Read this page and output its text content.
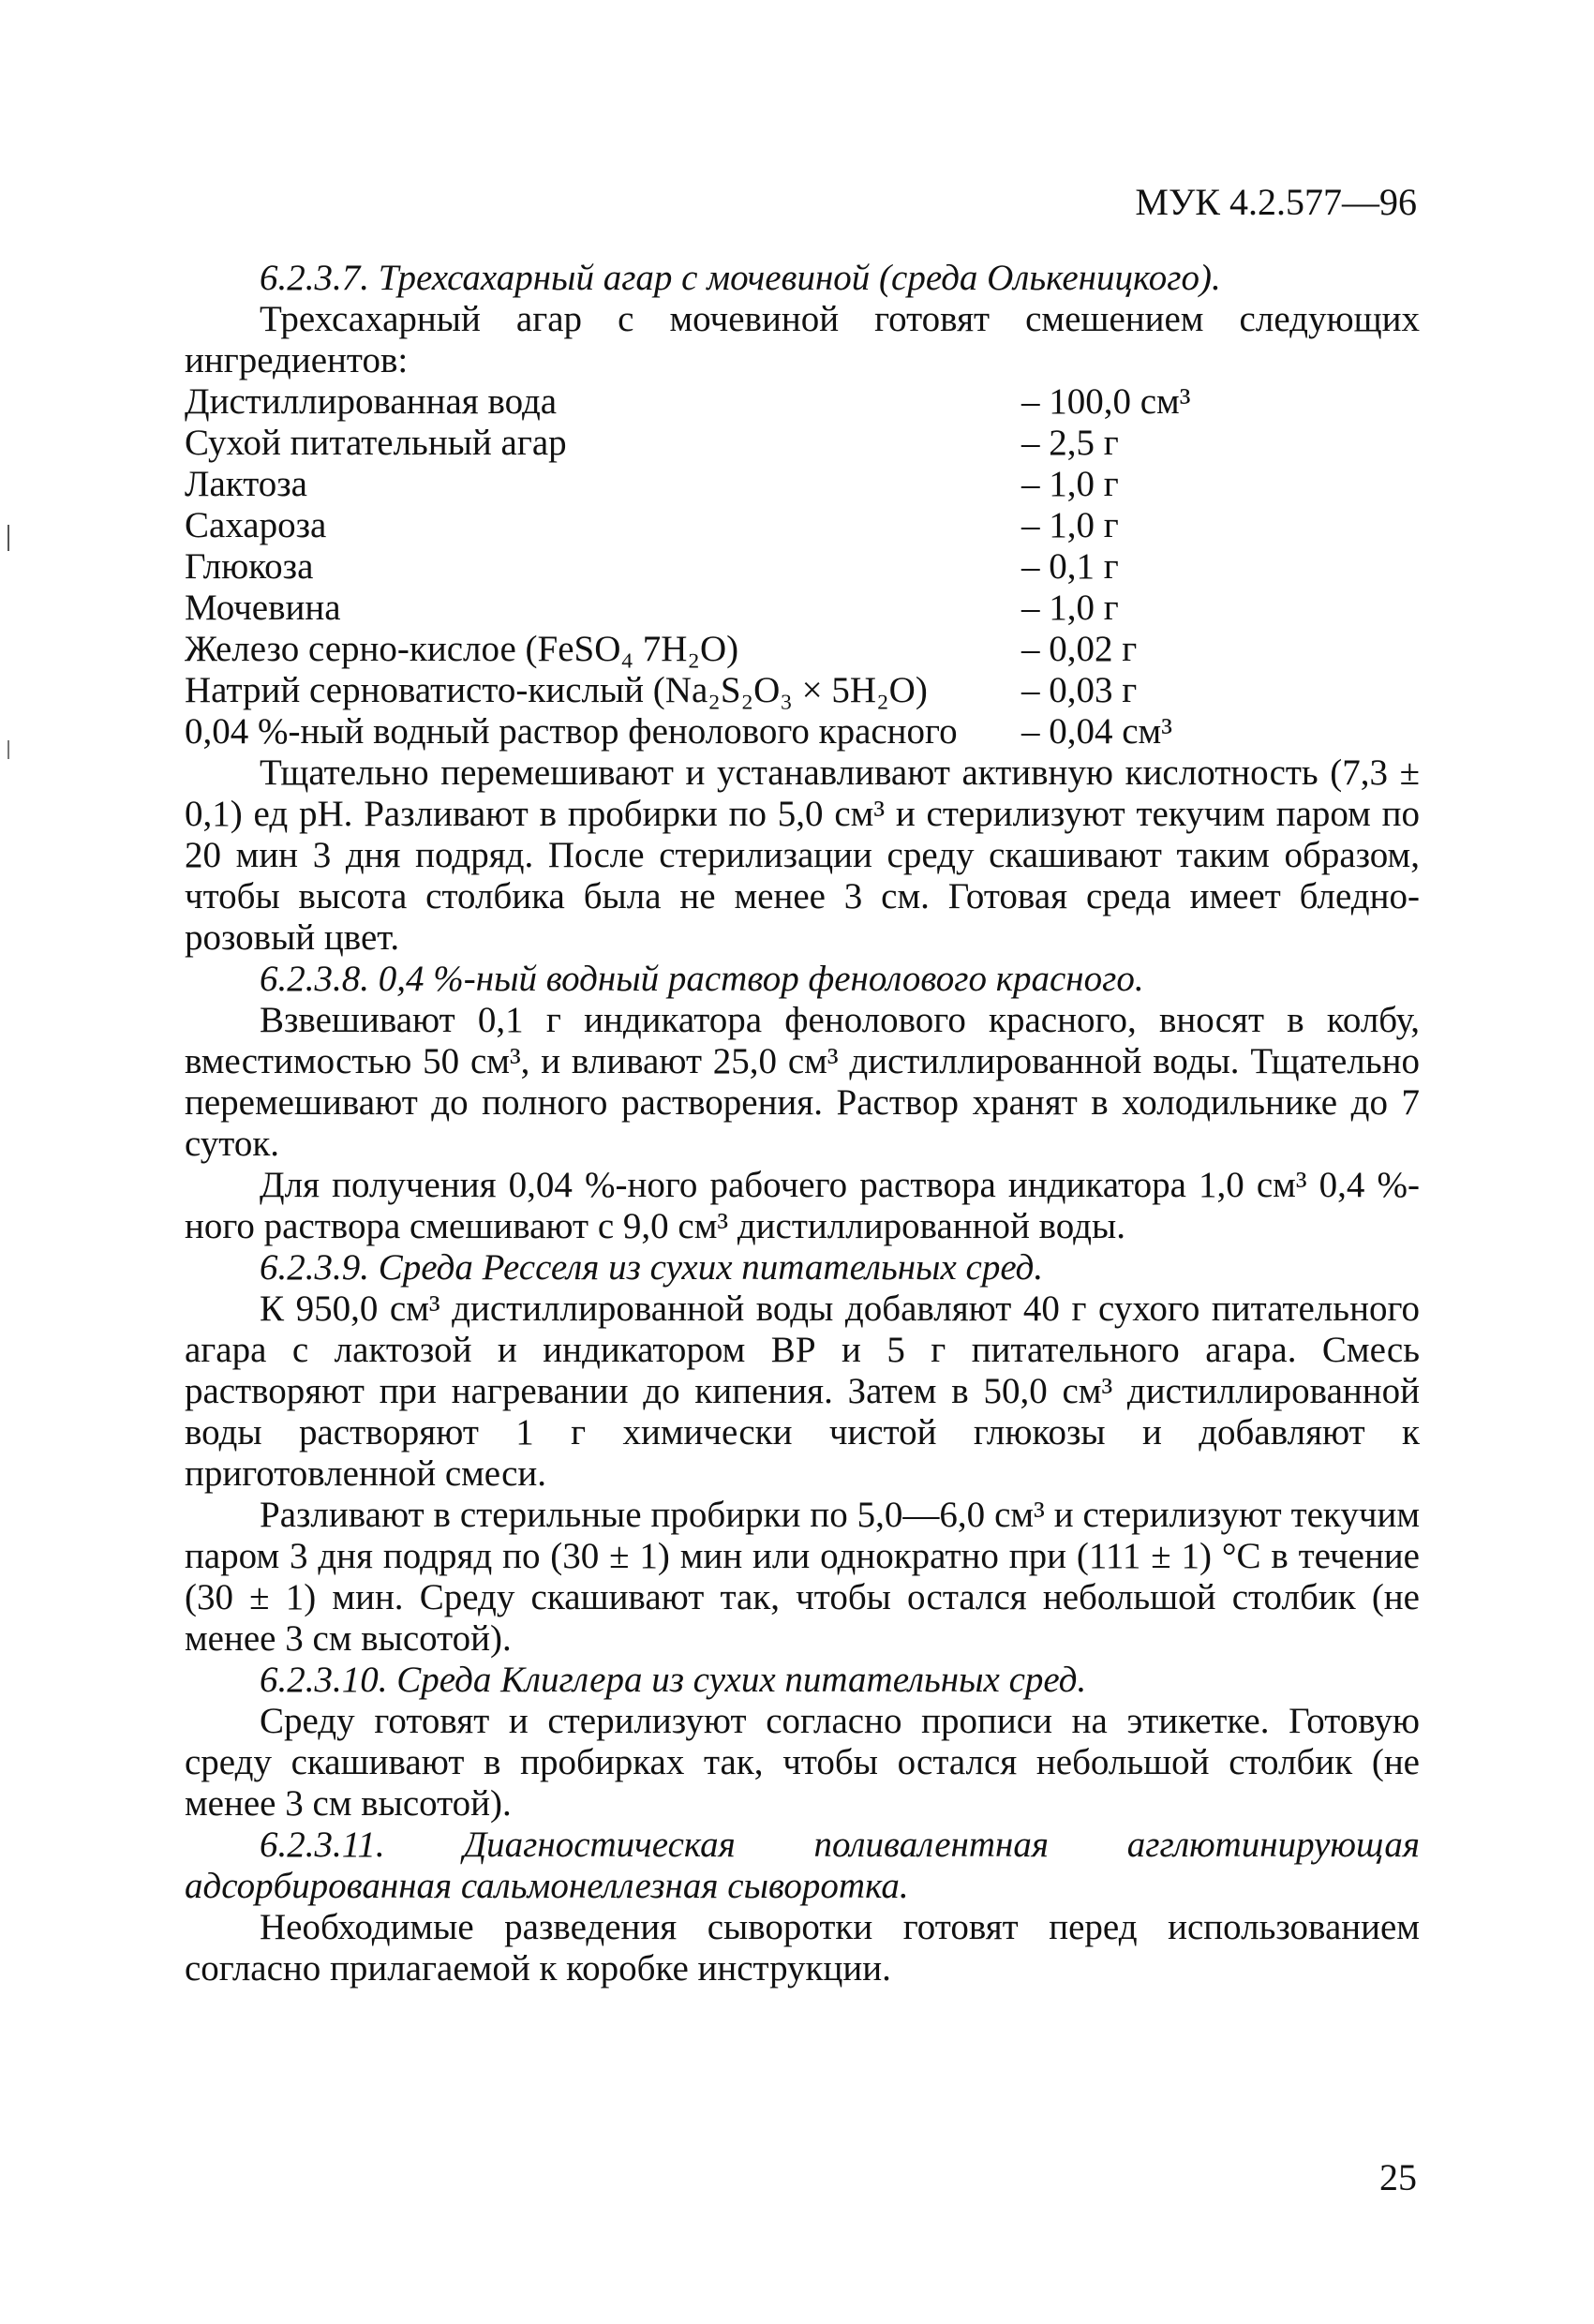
МУК 4.2.577—96

6.2.3.7. Трехсахарный агар с мочевиной (среда Олькеницкого).

Трехсахарный агар с мочевиной готовят смешением следующих ингредиентов:

Дистиллированная вода	– 100,0 см³
Сухой питательный агар	– 2,5 г
Лактоза	– 1,0 г
Сахароза	– 1,0 г
Глюкоза	– 0,1 г
Мочевина	– 1,0 г
Железо серно-кислое (FeSO₄ 7H₂O)	– 0,02 г
Натрий серноватисто-кислый (Na₂S₂O₃ × 5H₂O)	– 0,03 г
0,04 %-ный водный раствор фенолового красного	– 0,04 см³

Тщательно перемешивают и устанавливают активную кислотность (7,3 ± 0,1) ед pH. Разливают в пробирки по 5,0 см³ и стерилизуют текучим паром по 20 мин 3 дня подряд. После стерилизации среду скашивают таким образом, чтобы высота столбика была не менее 3 см. Готовая среда имеет бледно-розовый цвет.

6.2.3.8. 0,4 %-ный водный раствор фенолового красного.

Взвешивают 0,1 г индикатора фенолового красного, вносят в колбу, вместимостью 50 см³, и вливают 25,0 см³ дистиллированной воды. Тщательно перемешивают до полного растворения. Раствор хранят в холодильнике до 7 суток.

Для получения 0,04 %-ного рабочего раствора индикатора 1,0 см³ 0,4 %-ного раствора смешивают с 9,0 см³ дистиллированной воды.

6.2.3.9. Среда Ресселя из сухих питательных сред.

К 950,0 см³ дистиллированной воды добавляют 40 г сухого питательного агара с лактозой и индикатором ВР и 5 г питательного агара. Смесь растворяют при нагревании до кипения. Затем в 50,0 см³ дистиллированной воды растворяют 1 г химически чистой глюкозы и добавляют к приготовленной смеси.

Разливают в стерильные пробирки по 5,0—6,0 см³ и стерилизуют текучим паром 3 дня подряд по (30 ± 1) мин или однократно при (111 ± 1) °С в течение (30 ± 1) мин. Среду скашивают так, чтобы остался небольшой столбик (не менее 3 см высотой).

6.2.3.10. Среда Клиглера из сухих питательных сред.

Среду готовят и стерилизуют согласно прописи на этикетке. Готовую среду скашивают в пробирках так, чтобы остался небольшой столбик (не менее 3 см высотой).

6.2.3.11. Диагностическая поливалентная агглютинирующая адсорбированная сальмонеллезная сыворотка.

Необходимые разведения сыворотки готовят перед использованием согласно прилагаемой к коробке инструкции.

25
